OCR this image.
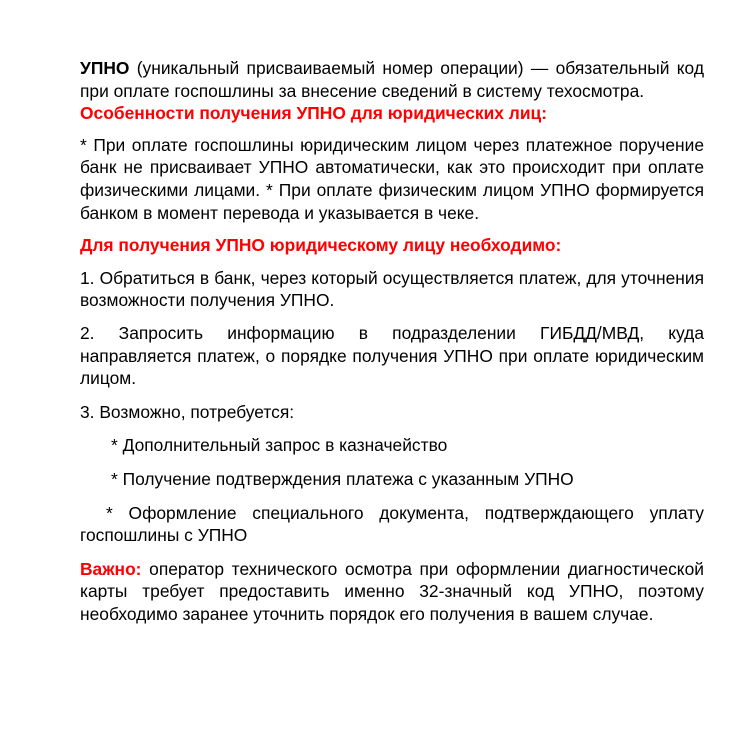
УПНО (уникальный присваиваемый номер операции) — обязательный код при оплате госпошлины за внесение сведений в систему техосмотра.

Особенности получения УПНО для юридических лиц:

* При оплате госпошлины юридическим лицом через платежное поручение банк не присваивает УПНО автоматически, как это происходит при оплате физическими лицами. * При оплате физическим лицом УПНО формируется банком в момент перевода и указывается в чеке.

Для получения УПНО юридическому лицу необходимо:

1. Обратиться в банк, через который осуществляется платеж, для уточнения возможности получения УПНО.

2. Запросить информацию в подразделении ГИБДД/МВД, куда направляется платеж, о порядке получения УПНО при оплате юридическим лицом.

3. Возможно, потребуется:

* Дополнительный запрос в казначейство

* Получение подтверждения платежа с указанным УПНО

* Оформление специального документа, подтверждающего уплату госпошлины с УПНО

Важно: оператор технического осмотра при оформлении диагностической карты требует предоставить именно 32-значный код УПНО, поэтому необходимо заранее уточнить порядок его получения в вашем случае.
